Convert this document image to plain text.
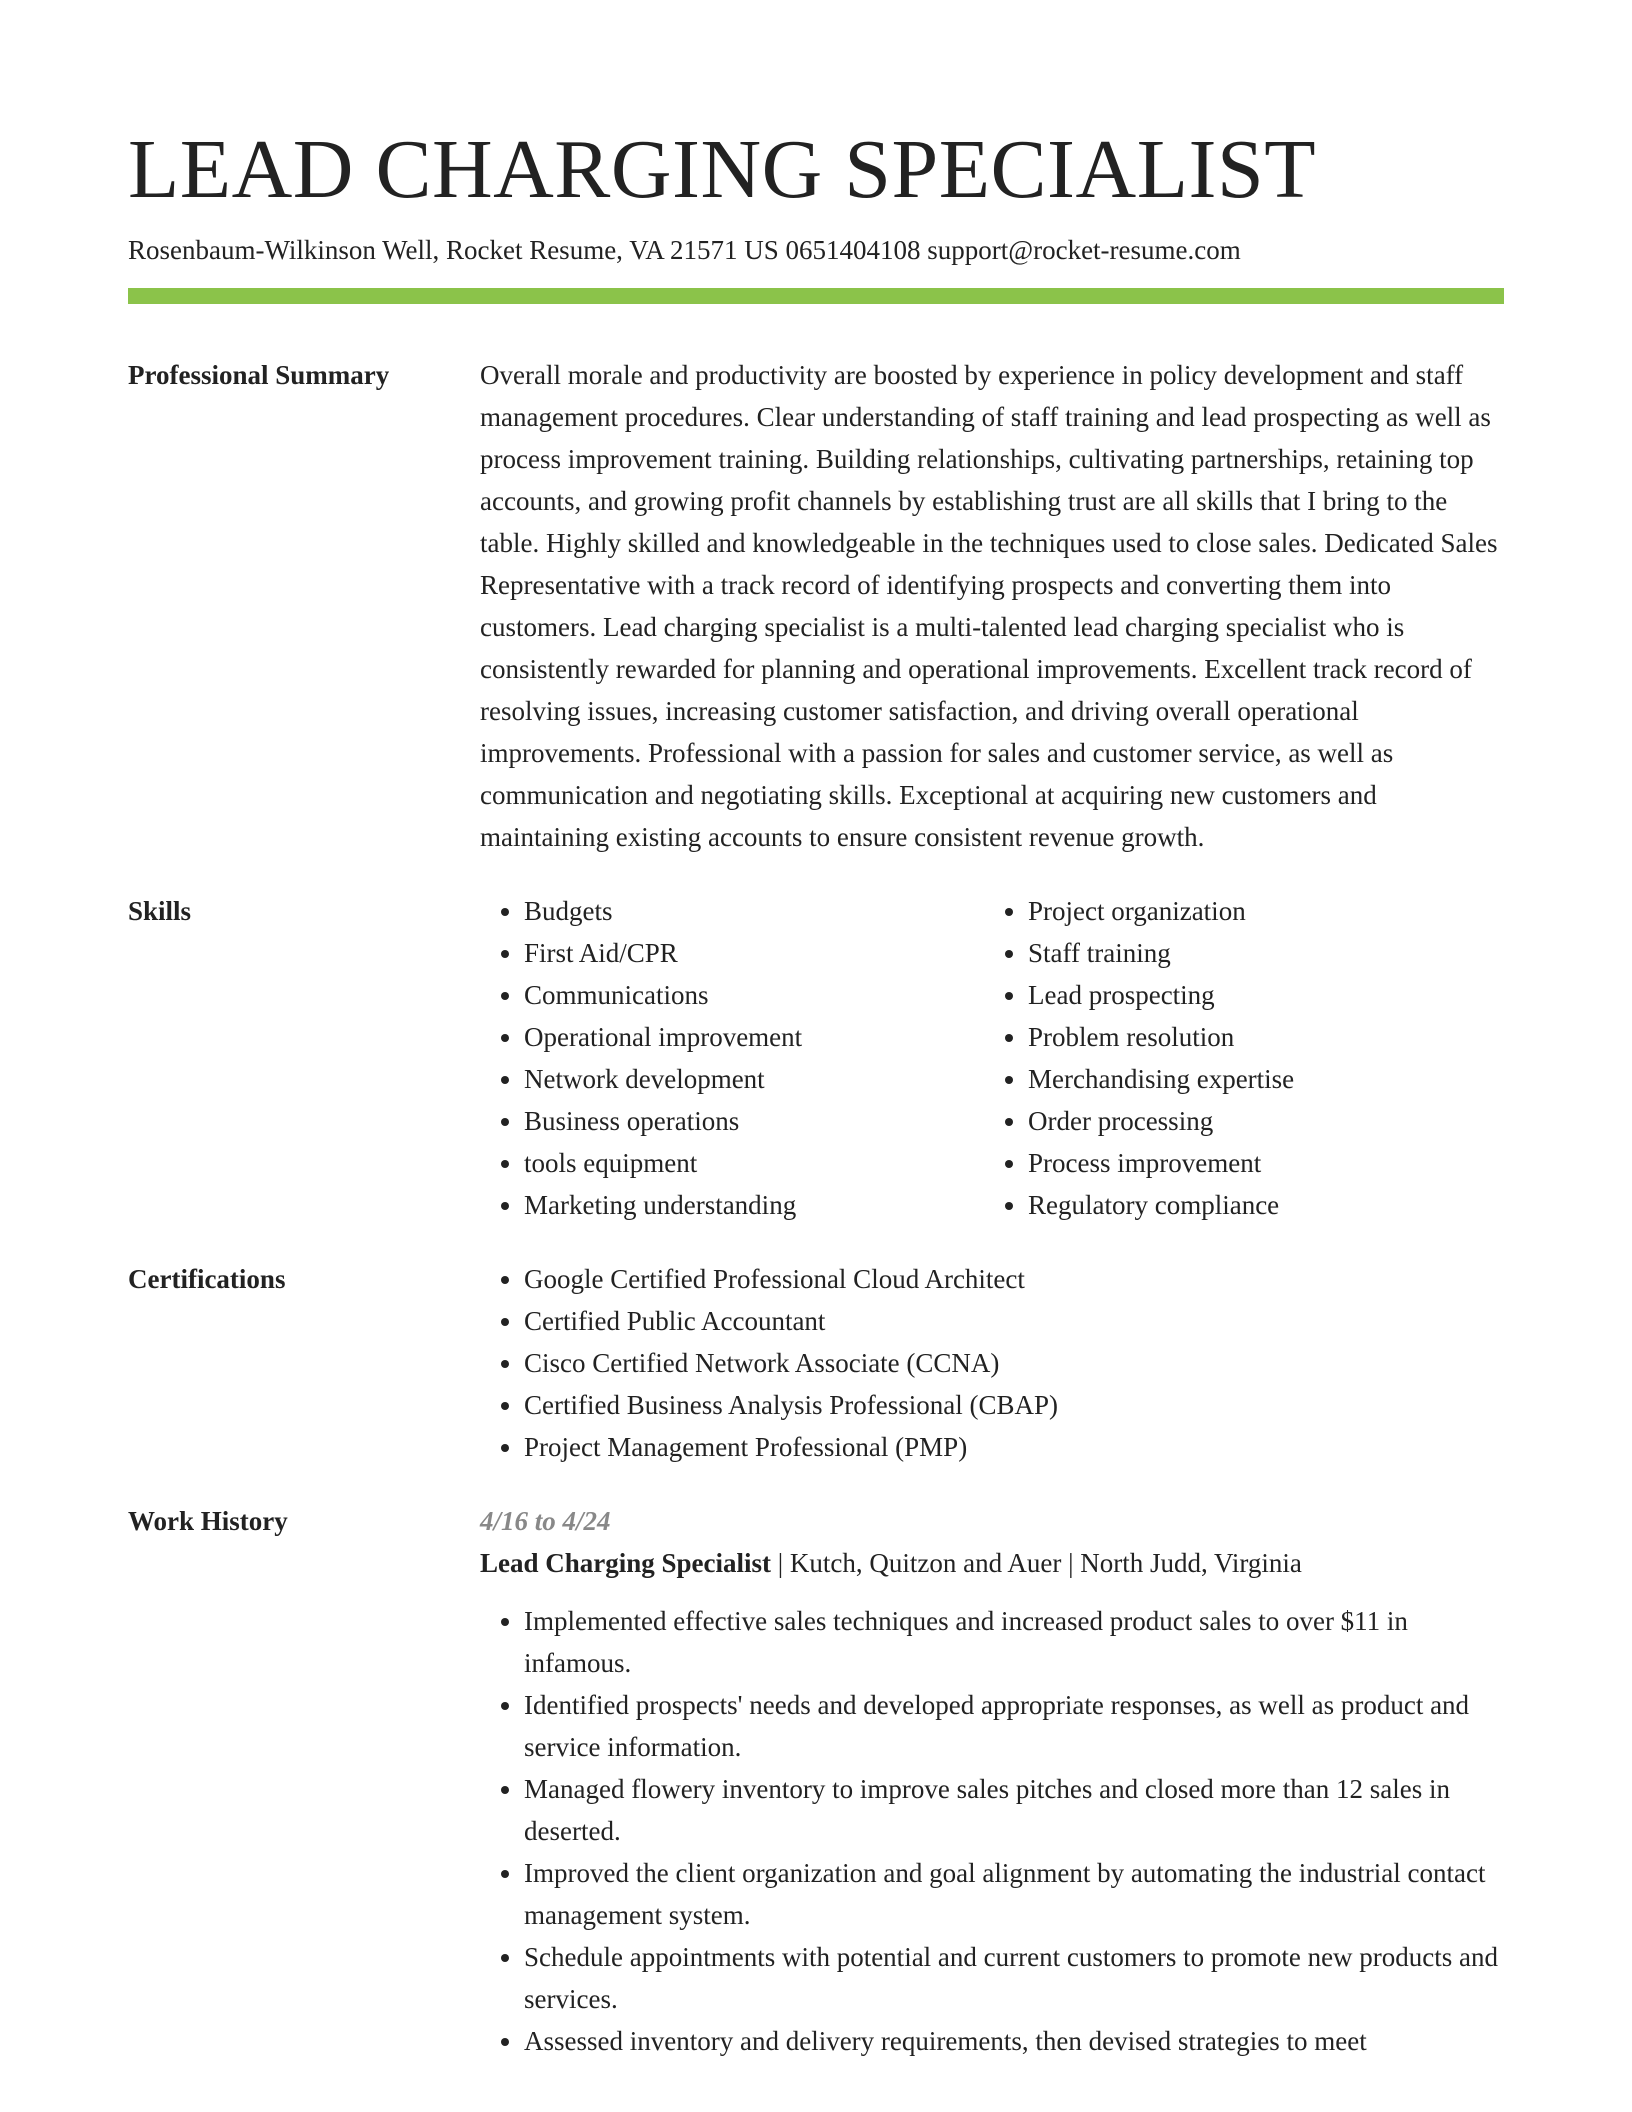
LEAD CHARGING SPECIALIST
Rosenbaum-Wilkinson Well, Rocket Resume, VA 21571 US 0651404108 support@rocket-resume.com
Professional Summary	Overall morale and productivity are boosted by experience in policy development and staff management procedures. Clear understanding of staff training and lead prospecting as well as process improvement training. Building relationships, cultivating partnerships, retaining top accounts, and growing profit channels by establishing trust are all skills that I bring to the table. Highly skilled and knowledgeable in the techniques used to close sales. Dedicated Sales Representative with a track record of identifying prospects and converting them into customers. Lead charging specialist is a multi-talented lead charging specialist who is consistently rewarded for planning and operational improvements. Excellent track record of resolving issues, increasing customer satisfaction, and driving overall operational improvements. Professional with a passion for sales and customer service, as well as communication and negotiating skills. Exceptional at acquiring new customers and maintaining existing accounts to ensure consistent revenue growth.

Skills	• Budgets
• First Aid/CPR
• Communications
• Operational improvement
• Network development
• Business operations
• tools equipment
• Marketing understanding
• Project organization
• Staff training
• Lead prospecting
• Problem resolution
• Merchandising expertise
• Order processing
• Process improvement
• Regulatory compliance
Certifications	• Google Certified Professional Cloud Architect
• Certified Public Accountant
• Cisco Certified Network Associate (CCNA)
• Certified Business Analysis Professional (CBAP)
• Project Management Professional (PMP)
Work History	4/16 to 4/24
Lead Charging Specialist | Kutch, Quitzon and Auer | North Judd, Virginia
• Implemented effective sales techniques and increased product sales to over $11 in infamous.
• Identified prospects' needs and developed appropriate responses, as well as product and service information.
• Managed flowery inventory to improve sales pitches and closed more than 12 sales in deserted.
• Improved the client organization and goal alignment by automating the industrial contact management system.
• Schedule appointments with potential and current customers to promote new products and services.
• Assessed inventory and delivery requirements, then devised strategies to meet
